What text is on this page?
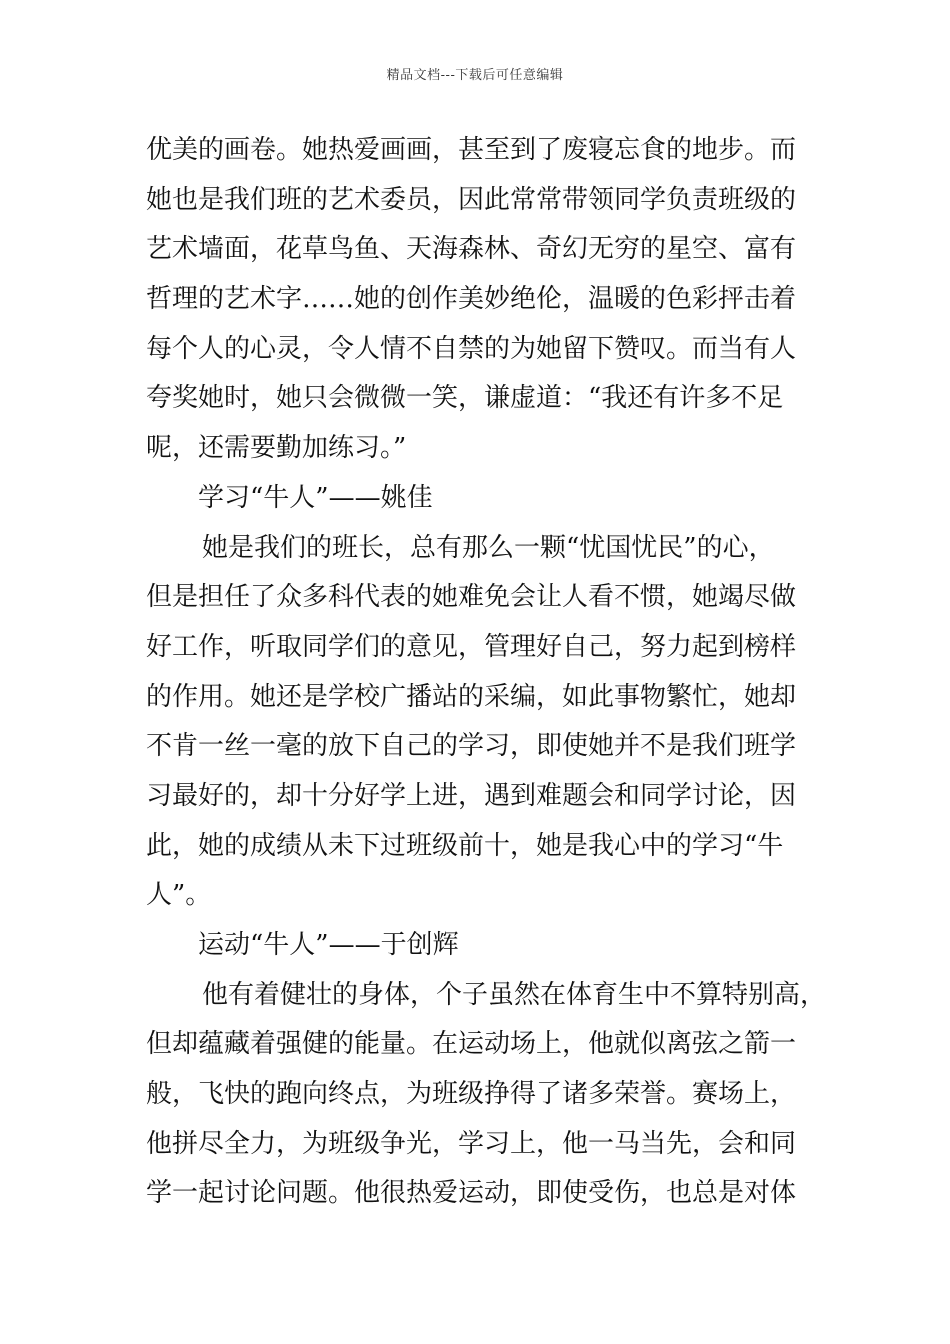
精品文档---下载后可任意编辑
优美的画卷。她热爱画画，甚至到了废寝忘食的地步。而
她也是我们班的艺术委员，因此常常带领同学负责班级的
艺术墙面，花草鸟鱼、天海森林、奇幻无穷的星空、富有
哲理的艺术字……她的创作美妙绝伦，温暖的色彩抨击着
每个人的心灵，令人情不自禁的为她留下赞叹。而当有人
夸奖她时，她只会微微一笑，谦虚道：“我还有许多不足
呢，还需要勤加练习。”
学习“牛人”——姚佳
她是我们的班长，总有那么一颗“忧国忧民”的心，
但是担任了众多科代表的她难免会让人看不惯，她竭尽做
好工作，听取同学们的意见，管理好自己，努力起到榜样
的作用。她还是学校广播站的采编，如此事物繁忙，她却
不肯一丝一毫的放下自己的学习，即使她并不是我们班学
习最好的，却十分好学上进，遇到难题会和同学讨论，因
此，她的成绩从未下过班级前十，她是我心中的学习“牛
人”。
运动“牛人”——于创辉
他有着健壮的身体，个子虽然在体育生中不算特别高，
但却蕴藏着强健的能量。在运动场上，他就似离弦之箭一
般，飞快的跑向终点，为班级挣得了诸多荣誉。赛场上，
他拼尽全力，为班级争光，学习上，他一马当先，会和同
学一起讨论问题。他很热爱运动，即使受伤，也总是对体
